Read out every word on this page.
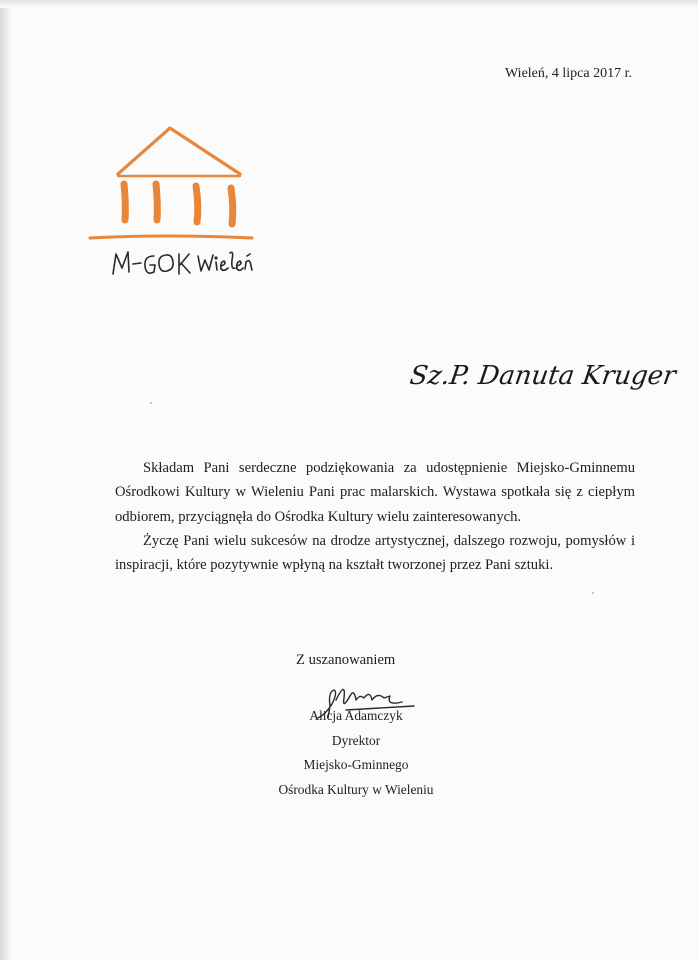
Wieleń, 4 lipca 2017 r.
Sz.P. Danuta Kruger

Składam Pani serdeczne podziękowania za udostępnienie Miejsko-Gminnemu Ośrodkowi Kultury w Wieleniu Pani prac malarskich. Wystawa spotkała się z ciepłym odbiorem, przyciągnęła do Ośrodka Kultury wielu zainteresowanych.

Życzę Pani wielu sukcesów na drodze artystycznej, dalszego rozwoju, pomysłów i inspiracji, które pozytywnie wpłyną na kształt tworzonej przez Pani sztuki.

Z uszanowaniem
Alicja Adamczyk
Dyrektor
Miejsko-Gminnego
Ośrodka Kultury w Wieleniu
